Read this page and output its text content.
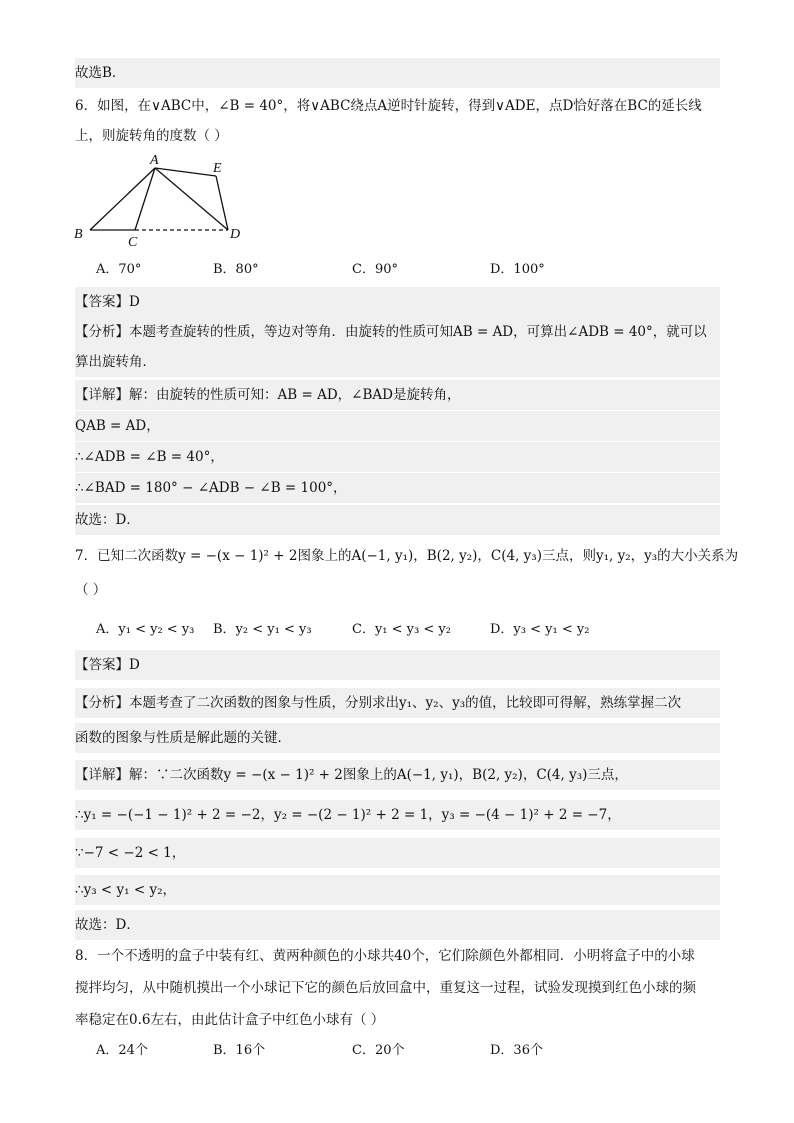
故选B．
6．如图，在∨ABC中，∠B = 40°，将∨ABC绕点A逆时针旋转，得到∨ADE，点D恰好落在BC的延长线
上，则旋转角的度数（ ）
A
B
C
D
E
A．70°	B．80°	C．90°	D．100°
【答案】D
【分析】本题考查旋转的性质，等边对等角．由旋转的性质可知AB = AD，可算出∠ADB = 40°，就可以
算出旋转角．
【详解】解：由旋转的性质可知：AB = AD，∠BAD是旋转角，
QAB = AD，
∴∠ADB = ∠B = 40°，
∴∠BAD = 180° − ∠ADB − ∠B = 100°，
故选：D．
7．已知二次函数y = −(x − 1)² + 2图象上的A(−1, y₁)，B(2, y₂)，C(4, y₃)三点，则y₁, y₂，y₃的大小关系为
（ ）
A．y₁ < y₂ < y₃ B．y₂ < y₁ < y₃	C．y₁ < y₃ < y₂	D．y₃ < y₁ < y₂
【答案】D
【分析】本题考查了二次函数的图象与性质，分别求出y₁、y₂、y₃的值，比较即可得解，熟练掌握二次
函数的图象与性质是解此题的关键．
【详解】解：∵二次函数y = −(x − 1)² + 2图象上的A(−1, y₁)，B(2, y₂)，C(4, y₃)三点，
∴y₁ = −(−1 − 1)² + 2 = −2，y₂ = −(2 − 1)² + 2 = 1，y₃ = −(4 − 1)² + 2 = −7，
∵−7 < −2 < 1，
∴y₃ < y₁ < y₂，
故选：D．
8．一个不透明的盒子中装有红、黄两种颜色的小球共40个，它们除颜色外都相同．小明将盒子中的小球
搅拌均匀，从中随机摸出一个小球记下它的颜色后放回盒中，重复这一过程，试验发现摸到红色小球的频
率稳定在0.6左右，由此估计盒子中红色小球有（ ）
A．24个	B．16个	C．20个	D．36个
